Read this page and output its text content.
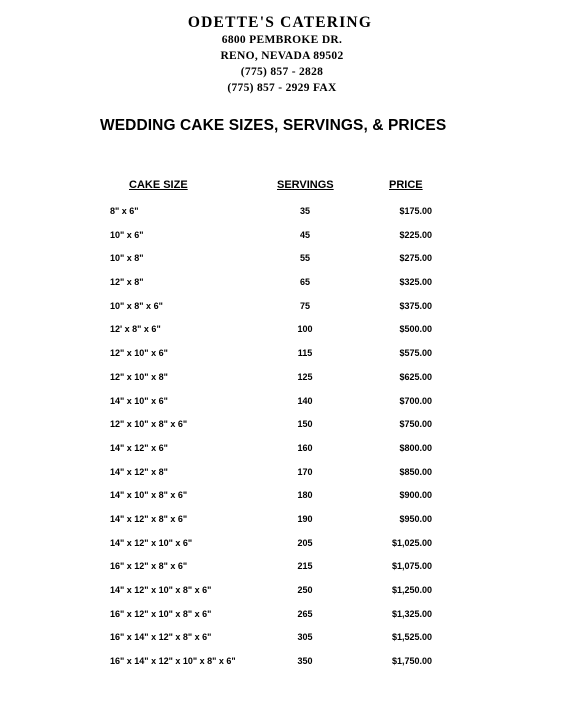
ODETTE'S CATERING
6800 PEMBROKE DR.
RENO, NEVADA 89502
(775) 857 - 2828
(775) 857 - 2929 FAX
WEDDING CAKE SIZES, SERVINGS, & PRICES
CAKE SIZE	SERVINGS	PRICE
8" x 6"	35	$175.00
10" x 6"	45	$225.00
10" x 8"	55	$275.00
12" x 8"	65	$325.00
10" x 8" x 6"	75	$375.00
12' x 8" x 6"	100	$500.00
12" x 10" x 6"	115	$575.00
12" x 10" x 8"	125	$625.00
14" x 10" x 6"	140	$700.00
12" x 10" x 8" x 6"	150	$750.00
14" x 12" x 6"	160	$800.00
14" x 12" x 8"	170	$850.00
14" x 10" x 8" x 6"	180	$900.00
14" x 12" x 8" x 6"	190	$950.00
14" x 12" x 10" x 6"	205	$1,025.00
16" x 12" x 8" x 6"	215	$1,075.00
14" x 12" x 10" x 8" x 6"	250	$1,250.00
16" x 12" x 10" x 8" x 6"	265	$1,325.00
16" x 14" x 12" x 8" x 6"	305	$1,525.00
16" x 14" x 12" x 10" x 8" x 6"	350	$1,750.00
